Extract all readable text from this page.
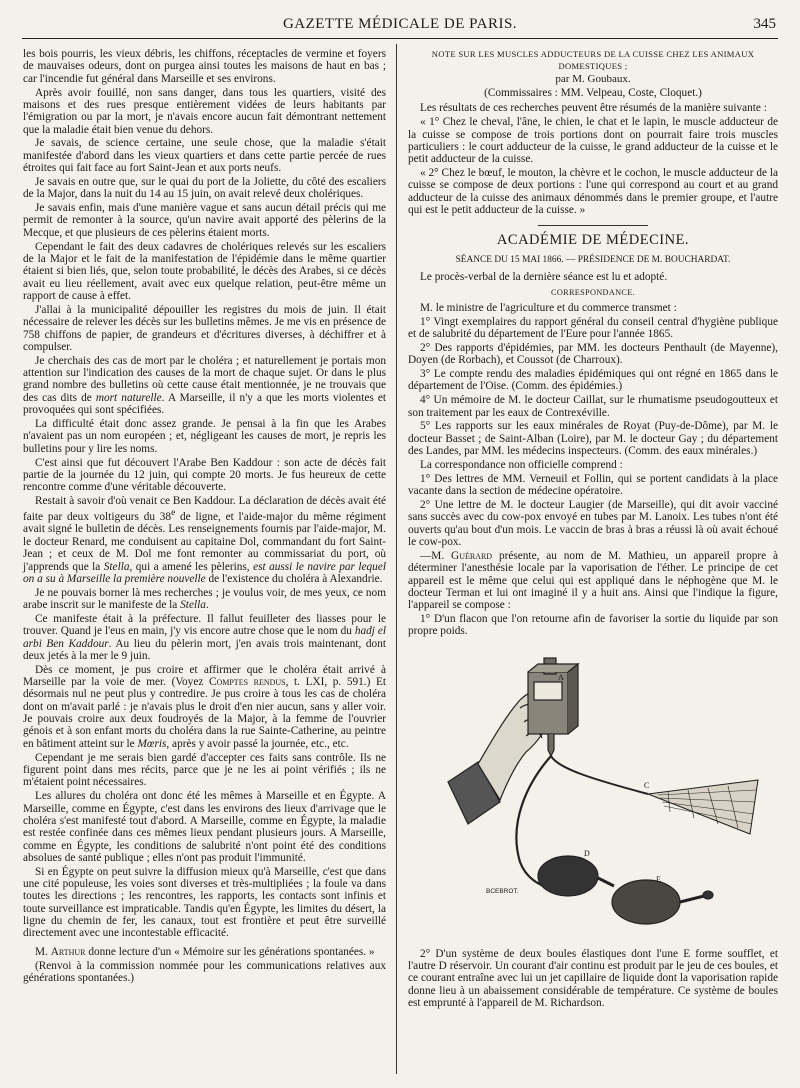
GAZETTE MÉDICALE DE PARIS.	345

les bois pourris, les vieux débris, les chiffons, réceptacles de vermine et foyers de mauvaises odeurs, dont on purgea ainsi toutes les maisons de haut en bas ; car l'incendie fut général dans Marseille et ses environs.

Après avoir fouillé, non sans danger, dans tous les quartiers, visité des maisons et des rues presque entièrement vidées de leurs habitants par l'émigration ou par la mort, je n'avais encore aucun fait démontrant nettement que la maladie était bien venue du dehors.

Je savais, de science certaine, une seule chose, que la maladie s'était manifestée d'abord dans les vieux quartiers et dans cette partie percée de rues étroites qui fait face au fort Saint-Jean et aux ports neufs.

Je savais en outre que, sur le quai du port de la Joliette, du côté des escaliers de la Major, dans la nuit du 14 au 15 juin, on avait relevé deux cholériques.

Je savais enfin, mais d'une manière vague et sans aucun détail précis qui me permit de remonter à la source, qu'un navire avait apporté des pèlerins de la Mecque, et que plusieurs de ces pèlerins étaient morts.

Cependant le fait des deux cadavres de cholériques relevés sur les escaliers de la Major et le fait de la manifestation de l'épidémie dans le même quartier étaient si bien liés, que, selon toute probabilité, le décès des Arabes, si ce décès avait eu lieu réellement, avait avec eux quelque relation, peut-être même un rapport de cause à effet.

J'allai à la municipalité dépouiller les registres du mois de juin. Il était nécessaire de relever les décès sur les bulletins mêmes. Je me vis en présence de 758 chiffons de papier, de grandeurs et d'écritures diverses, à déchiffrer et à compulser.

Je cherchais des cas de mort par le choléra ; et naturellement je portais mon attention sur l'indication des causes de la mort de chaque sujet. Or dans le plus grand nombre des bulletins où cette cause était mentionnée, je ne trouvais que des cas dits de mort naturelle. A Marseille, il n'y a que les morts violentes et provoquées qui sont spécifiées.

La difficulté était donc assez grande. Je pensai à la fin que les Arabes n'avaient pas un nom européen ; et, négligeant les causes de mort, je repris les bulletins pour y lire les noms.

C'est ainsi que fut découvert l'Arabe Ben Kaddour : son acte de décès fait partie de la journée du 12 juin, qui compte 20 morts. Je fus heureux de cette rencontre comme d'une véritable découverte.

Restait à savoir d'où venait ce Ben Kaddour. La déclaration de décès avait été faite par deux voltigeurs du 38e de ligne, et l'aide-major du même régiment avait signé le bulletin de décès. Les renseignements fournis par l'aide-major, M. le docteur Renard, me conduisent au capitaine Dol, commandant du fort Saint-Jean ; et ceux de M. Dol me font remonter au commissariat du port, où j'apprends que la Stella, qui a amené les pèlerins, est aussi le navire par lequel on a su à Marseille la première nouvelle de l'existence du choléra à Alexandrie.

Je ne pouvais borner là mes recherches ; je voulus voir, de mes yeux, ce nom arabe inscrit sur le manifeste de la Stella.

Ce manifeste était à la préfecture. Il fallut feuilleter des liasses pour le trouver. Quand je l'eus en main, j'y vis encore autre chose que le nom du hadj el arbi Ben Kaddour. Au lieu du pèlerin mort, j'en avais trois maintenant, dont deux jetés à la mer le 9 juin.

Dès ce moment, je pus croire et affirmer que le choléra était arrivé à Marseille par la voie de mer. (Voyez Comptes rendus, t. LXI, p. 591.) Et désormais nul ne peut plus y contredire. Je pus croire à tous les cas de choléra dont on m'avait parlé : je n'avais plus le droit d'en nier aucun, sans y aller voir. Je pouvais croire aux deux foudroyés de la Major, à la femme de l'ouvrier génois et à son enfant morts du choléra dans la rue Sainte-Catherine, au peintre en bâtiment atteint sur le Mœris, après y avoir passé la journée, etc., etc.

Cependant je me serais bien gardé d'accepter ces faits sans contrôle. Ils ne figurent point dans mes récits, parce que je ne les ai point vérifiés ; ils ne m'étaient point nécessaires.

Les allures du choléra ont donc été les mêmes à Marseille et en Égypte. A Marseille, comme en Égypte, c'est dans les environs des lieux d'arrivage que le choléra s'est manifesté tout d'abord. A Marseille, comme en Égypte, la maladie est restée confinée dans ces mêmes lieux pendant plusieurs jours. A Marseille, comme en Égypte, les conditions de salubrité n'ont point été des conditions absolues de santé publique ; elles n'ont pas produit l'immunité.

Si en Égypte on peut suivre la diffusion mieux qu'à Marseille, c'est que dans une cité populeuse, les voies sont diverses et très-multipliées ; la foule va dans toutes les directions ; les rencontres, les rapports, les contacts sont infinis et toute surveillance est impraticable. Tandis qu'en Égypte, les limites du désert, la ligne du chemin de fer, les canaux, tout est frontière et peut être surveillé directement avec une incontestable efficacité.

M. Arthur donne lecture d'un « Mémoire sur les générations spontanées. »

(Renvoi à la commission nommée pour les communications relatives aux générations spontanées.)

NOTE SUR LES MUSCLES ADDUCTEURS DE LA CUISSE CHEZ LES ANIMAUX DOMESTIQUES ;
par M. Goubaux.
(Commissaires : MM. Velpeau, Coste, Cloquet.)

Les résultats de ces recherches peuvent être résumés de la manière suivante :

« 1° Chez le cheval, l'âne, le chien, le chat et le lapin, le muscle adducteur de la cuisse se compose de trois portions dont on pourrait faire trois muscles particuliers : le court adducteur de la cuisse, le grand adducteur de la cuisse et le petit adducteur de la cuisse.

« 2° Chez le bœuf, le mouton, la chèvre et le cochon, le muscle adducteur de la cuisse se compose de deux portions : l'une qui correspond au court et au grand adducteur de la cuisse des animaux dénommés dans le premier groupe, et l'autre qui est le petit adducteur de la cuisse. »

ACADÉMIE DE MÉDECINE.
SÉANCE DU 15 MAI 1866. — PRÉSIDENCE DE M. BOUCHARDAT.

Le procès-verbal de la dernière séance est lu et adopté.

CORRESPONDANCE.

M. le ministre de l'agriculture et du commerce transmet :

1° Vingt exemplaires du rapport général du conseil central d'hygiène publique et de salubrité du département de l'Eure pour l'année 1865.

2° Des rapports d'épidémies, par MM. les docteurs Penthault (de Mayenne), Doyen (de Rorbach), et Coussot (de Charroux).

3° Le compte rendu des maladies épidémiques qui ont régné en 1865 dans le département de l'Oise. (Comm. des épidémies.)

4° Un mémoire de M. le docteur Caillat, sur le rhumatisme pseudogoutteux et son traitement par les eaux de Contrexéville.

5° Les rapports sur les eaux minérales de Royat (Puy-de-Dôme), par M. le docteur Basset ; de Saint-Alban (Loire), par M. le docteur Gay ; du département des Landes, par MM. les médecins inspecteurs. (Comm. des eaux minérales.)

La correspondance non officielle comprend :

1° Des lettres de MM. Verneuil et Follin, qui se portent candidats à la place vacante dans la section de médecine opératoire.

2° Une lettre de M. le docteur Laugier (de Marseille), qui dit avoir vacciné sans succès avec du cow-pox envoyé en tubes par M. Lanoix. Les tubes n'ont été ouverts qu'au bout d'un mois. Le vaccin de bras à bras a réussi là où avait échoué le cow-pox.

—M. Guérard présente, au nom de M. Mathieu, un appareil propre à déterminer l'anesthésie locale par la vaporisation de l'éther. Le principe de cet appareil est le même que celui qui est appliqué dans le néphogène que M. le docteur Terman et lui ont imaginé il y a huit ans. Ainsi que l'indique la figure, l'appareil se compose :

1° D'un flacon que l'on retourne afin de favoriser la sortie du liquide par son propre poids.

A
C
D
E
BCEBROT.

2° D'un système de deux boules élastiques dont l'une E forme soufflet, et l'autre D réservoir. Un courant d'air continu est produit par le jeu de ces boules, et ce courant entraîne avec lui un jet capillaire de liquide dont la vaporisation rapide donne lieu à un abaissement considérable de température. Ce système de boules est emprunté à l'appareil de M. Richardson.
